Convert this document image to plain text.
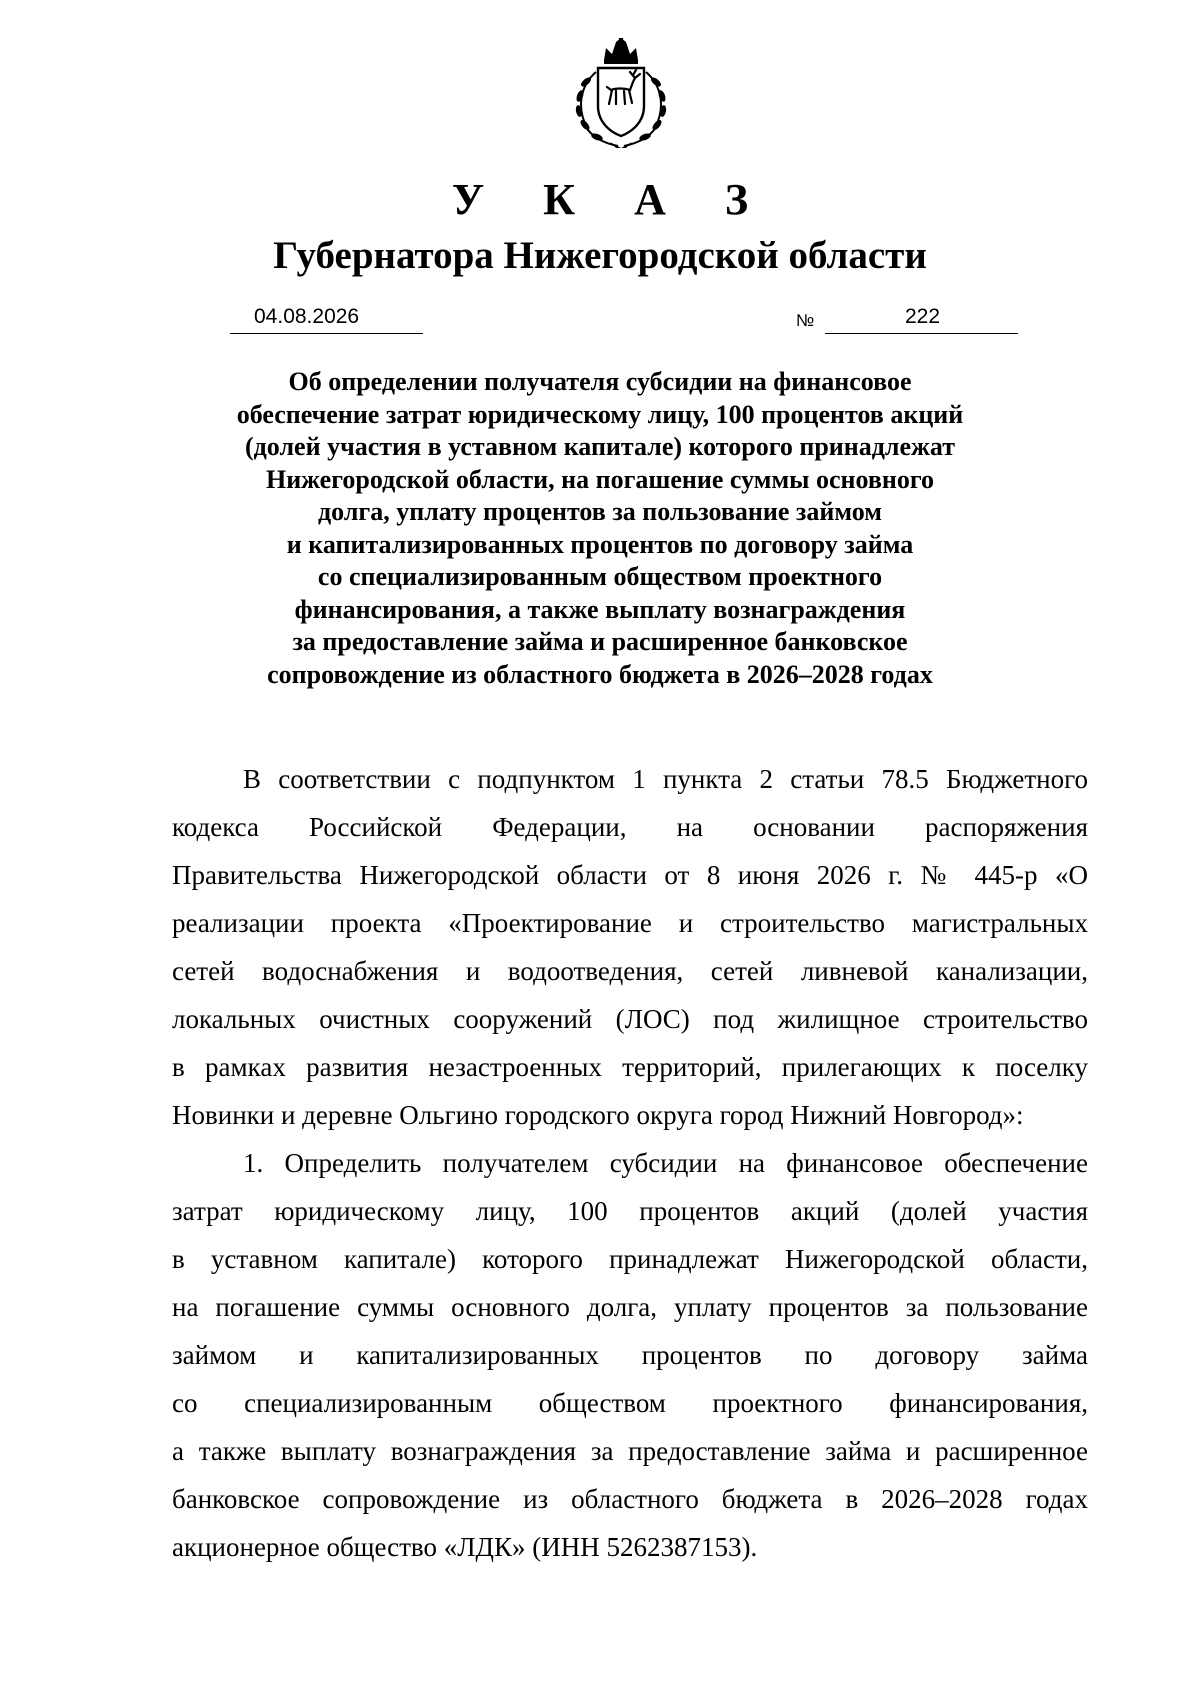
У К А З
Губернатора Нижегородской области
04.08.2026	№	222
Об определении получателя субсидии на финансовое
обеспечение затрат юридическому лицу, 100 процентов акций
(долей участия в уставном капитале) которого принадлежат
Нижегородской области, на погашение суммы основного
долга, уплату процентов за пользование займом
и капитализированных процентов по договору займа
со специализированным обществом проектного
финансирования, а также выплату вознаграждения
за предоставление займа и расширенное банковское
сопровождение из областного бюджета в 2026–2028 годах
В соответствии с подпунктом 1 пункта 2 статьи 78.5 Бюджетного
кодекса Российской Федерации, на основании распоряжения
Правительства Нижегородской области от 8 июня 2026 г. № 445-р «О
реализации проекта «Проектирование и строительство магистральных
сетей водоснабжения и водоотведения, сетей ливневой канализации,
локальных очистных сооружений (ЛОС) под жилищное строительство
в рамках развития незастроенных территорий, прилегающих к поселку
Новинки и деревне Ольгино городского округа город Нижний Новгород»:
1. Определить получателем субсидии на финансовое обеспечение
затрат юридическому лицу, 100 процентов акций (долей участия
в уставном капитале) которого принадлежат Нижегородской области,
на погашение суммы основного долга, уплату процентов за пользование
займом и капитализированных процентов по договору займа
со специализированным обществом проектного финансирования,
а также выплату вознаграждения за предоставление займа и расширенное
банковское сопровождение из областного бюджета в 2026–2028 годах
акционерное общество «ЛДК» (ИНН 5262387153).
